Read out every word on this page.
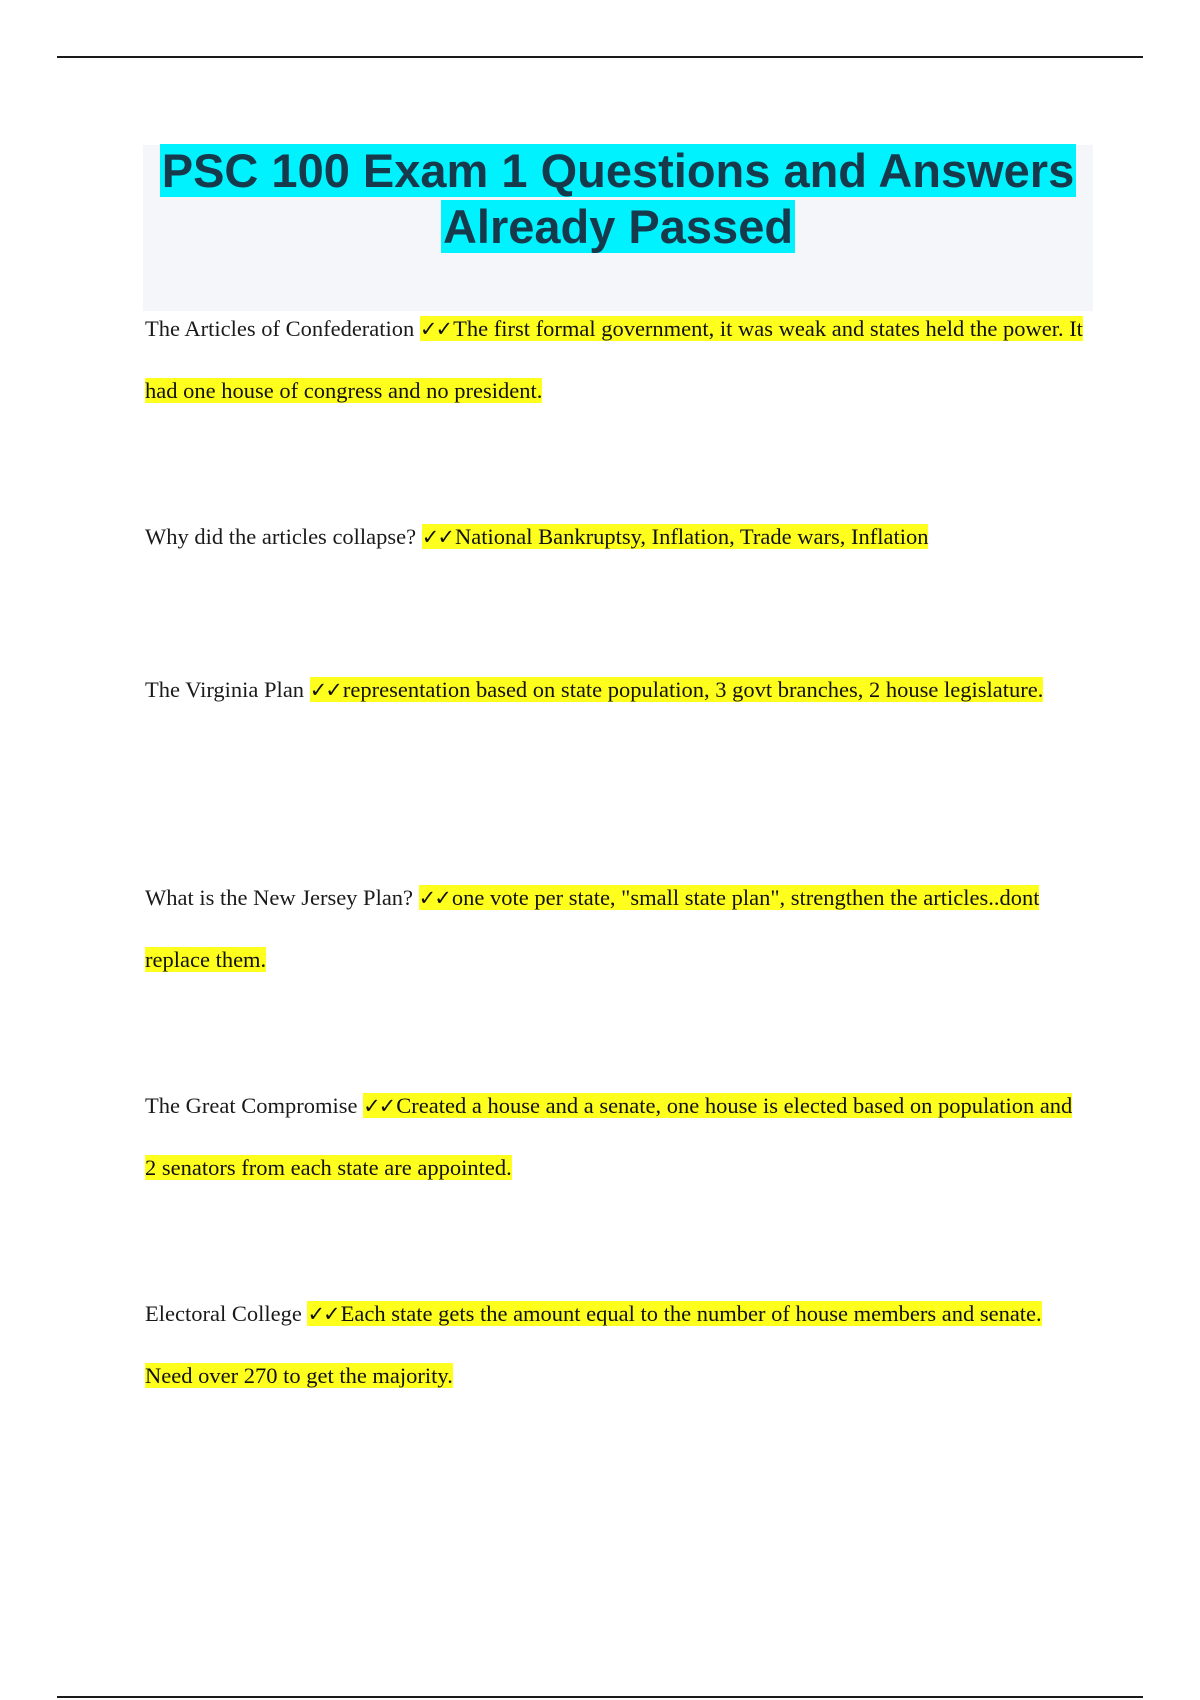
PSC 100 Exam 1 Questions and Answers
Already Passed

The Articles of Confederation ✓✓The first formal government, it was weak and states held the power. It had one house of congress and no president.

Why did the articles collapse? ✓✓National Bankruptsy, Inflation, Trade wars, Inflation

The Virginia Plan ✓✓representation based on state population, 3 govt branches, 2 house legislature.

What is the New Jersey Plan? ✓✓one vote per state, "small state plan", strengthen the articles..dont replace them.

The Great Compromise ✓✓Created a house and a senate, one house is elected based on population and 2 senators from each state are appointed.

Electoral College ✓✓Each state gets the amount equal to the number of house members and senate. Need over 270 to get the majority.
